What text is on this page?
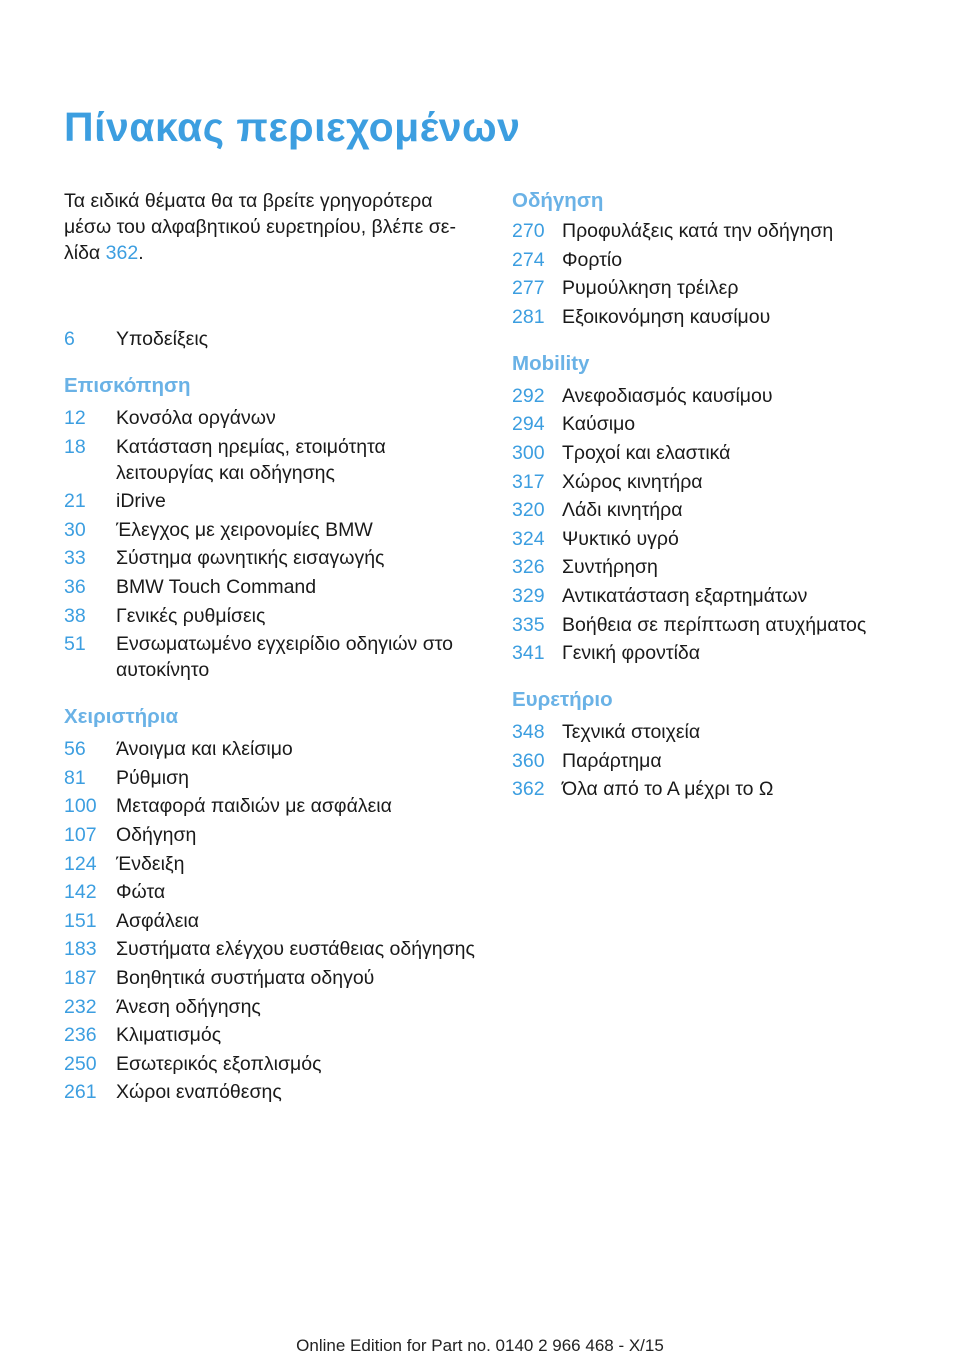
Πίνακας περιεχομένων

Τα ειδικά θέματα θα τα βρείτε γρηγορότερα μέσω του αλφαβητικού ευρετηρίου, βλέπε σε-λίδα 362.

6	Υποδείξεις
Επισκόπηση
12	Κονσόλα οργάνων
18	Κατάσταση ηρεμίας, ετοιμότητα λειτουργίας και οδήγησης
21	iDrive
30	Έλεγχος με χειρονομίες BMW
33	Σύστημα φωνητικής εισαγωγής
36	BMW Touch Command
38	Γενικές ρυθμίσεις
51	Ενσωματωμένο εγχειρίδιο οδηγιών στο αυτοκίνητο
Χειριστήρια
56	Άνοιγμα και κλείσιμο
81	Ρύθμιση
100 Μεταφορά παιδιών με ασφάλεια
107 Οδήγηση
124 Ένδειξη
142 Φώτα
151 Ασφάλεια
183 Συστήματα ελέγχου ευστάθειας οδήγησης
187 Βοηθητικά συστήματα οδηγού
232 Άνεση οδήγησης
236 Κλιματισμός
250 Εσωτερικός εξοπλισμός
261 Χώροι εναπόθεσης
Οδήγηση
270 Προφυλάξεις κατά την οδήγηση
274 Φορτίο
277 Ρυμούλκηση τρέιλερ
281 Εξοικονόμηση καυσίμου
Mobility
292 Ανεφοδιασμός καυσίμου
294 Καύσιμο
300 Τροχοί και ελαστικά
317 Χώρος κινητήρα
320 Λάδι κινητήρα
324 Ψυκτικό υγρό
326 Συντήρηση
329 Αντικατάσταση εξαρτημάτων
335 Βοήθεια σε περίπτωση ατυχήματος
341 Γενική φροντίδα
Ευρετήριο
348 Τεχνικά στοιχεία
360 Παράρτημα
362 Όλα από το Α μέχρι το Ω
Online Edition for Part no. 0140 2 966 468 - X/15
